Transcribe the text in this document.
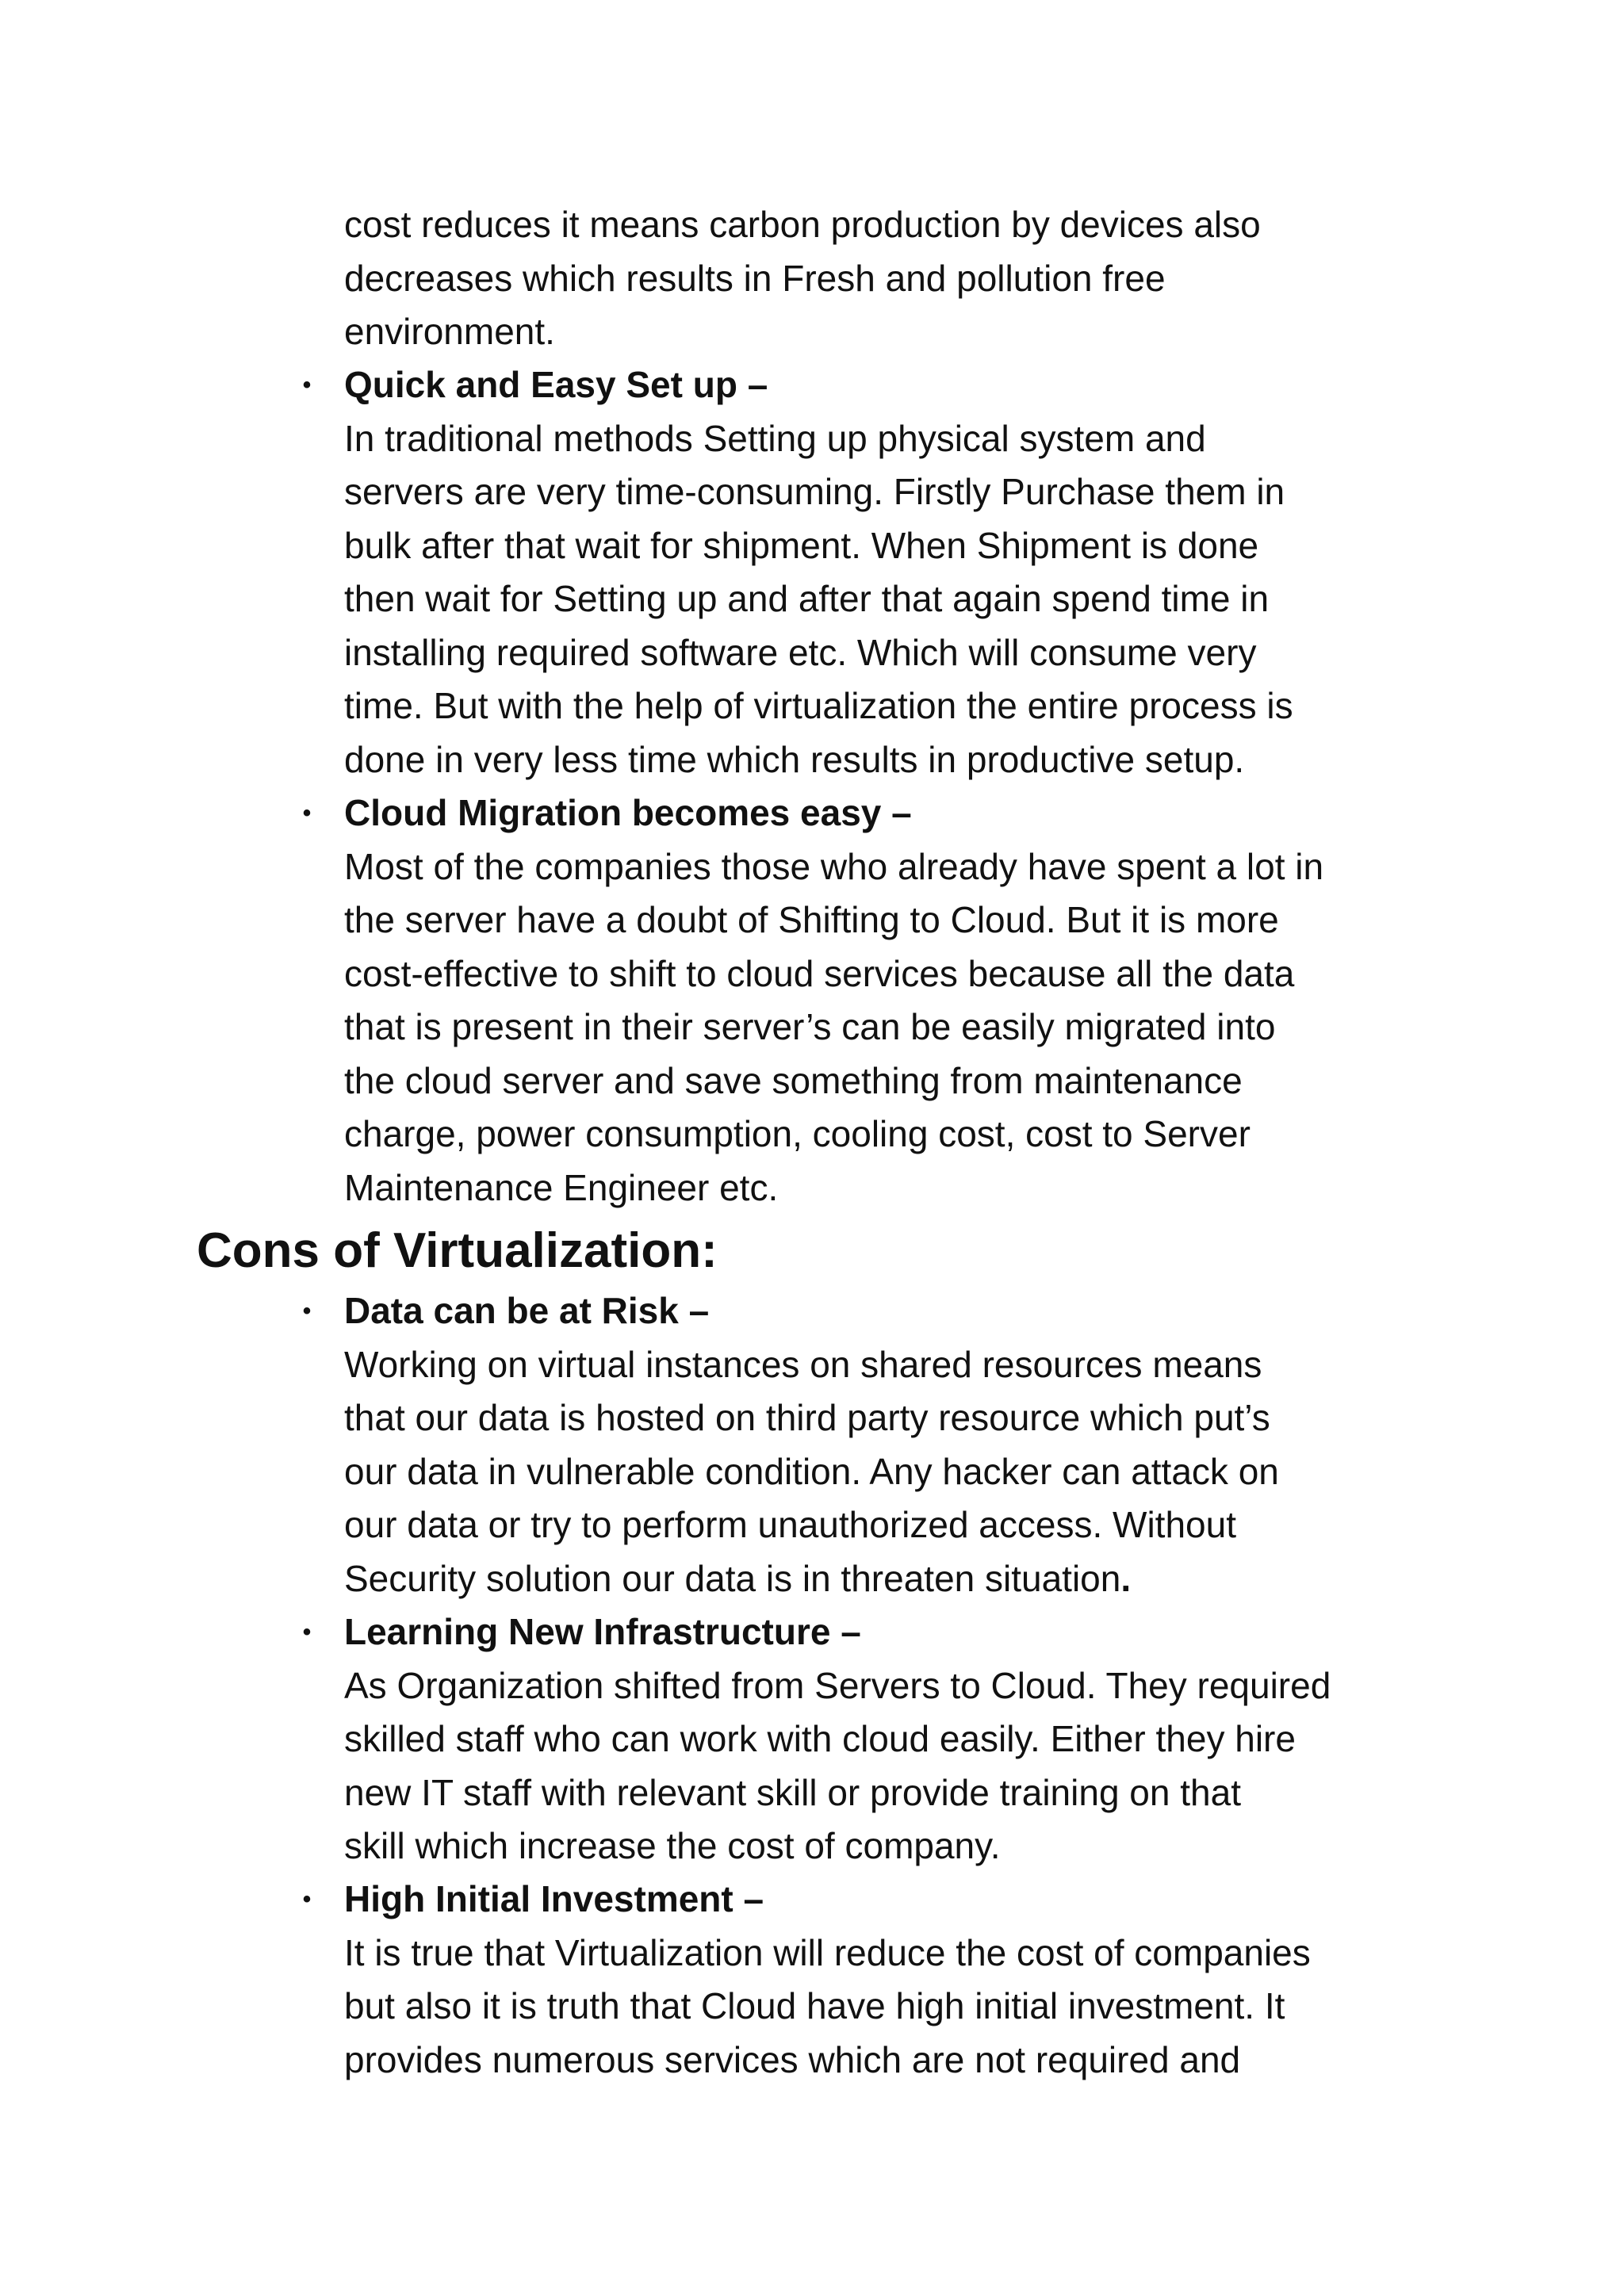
cost reduces it means carbon production by devices also

decreases which results in Fresh and pollution free

environment.

• Quick and Easy Set up –

In traditional methods Setting up physical system and

servers are very time-consuming. Firstly Purchase them in

bulk after that wait for shipment. When Shipment is done

then wait for Setting up and after that again spend time in

installing required software etc. Which will consume very

time. But with the help of virtualization the entire process is

done in very less time which results in productive setup.

• Cloud Migration becomes easy –

Most of the companies those who already have spent a lot in

the server have a doubt of Shifting to Cloud. But it is more

cost-effective to shift to cloud services because all the data

that is present in their server’s can be easily migrated into

the cloud server and save something from maintenance

charge, power consumption, cooling cost, cost to Server

Maintenance Engineer etc.

Cons of Virtualization:
• Data can be at Risk –

Working on virtual instances on shared resources means

that our data is hosted on third party resource which put’s

our data in vulnerable condition. Any hacker can attack on

our data or try to perform unauthorized access. Without

Security solution our data is in threaten situation.

• Learning New Infrastructure –

As Organization shifted from Servers to Cloud. They required

skilled staff who can work with cloud easily. Either they hire

new IT staff with relevant skill or provide training on that

skill which increase the cost of company.

• High Initial Investment –

It is true that Virtualization will reduce the cost of companies

but also it is truth that Cloud have high initial investment. It

provides numerous services which are not required and
